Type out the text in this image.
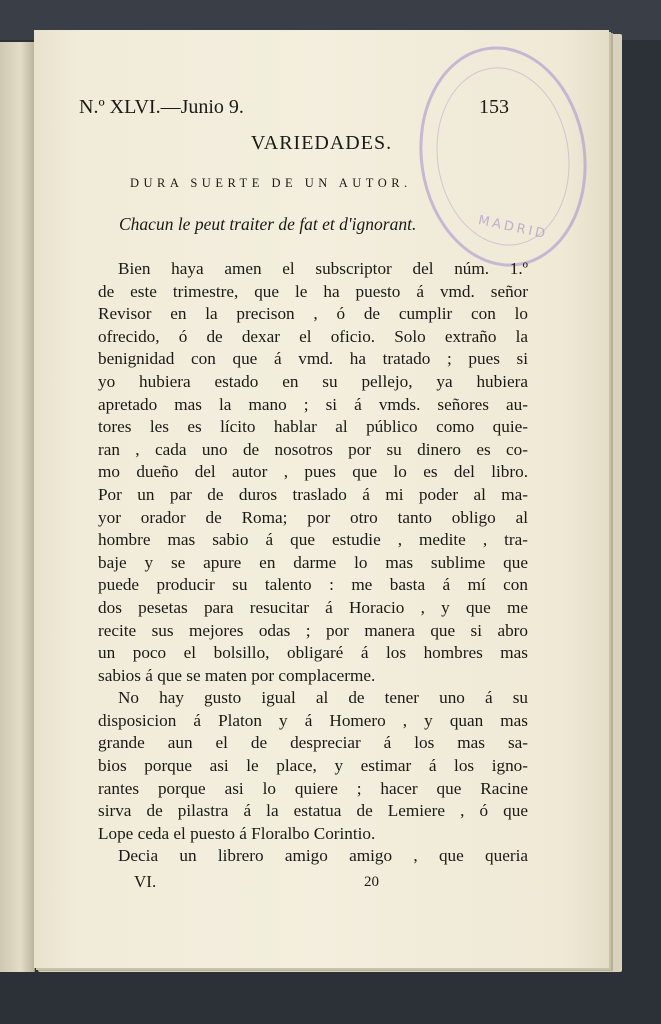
MADRID
N.º XLVI.—Junio 9.	153
VARIEDADES.
DURA SUERTE DE UN AUTOR.
Chacun le peut traiter de fat et d'ignorant.
Bien haya amen el subscriptor del núm. 1.º
de este trimestre, que le ha puesto á vmd. señor
Revisor en la precison , ó de cumplir con lo
ofrecido, ó de dexar el oficio. Solo extraño la
benignidad con que á vmd. ha tratado ; pues si
yo hubiera estado en su pellejo, ya hubiera
apretado mas la mano ; si á vmds. señores au-
tores les es lícito hablar al público como quie-
ran , cada uno de nosotros por su dinero es co-
mo dueño del autor , pues que lo es del libro.
Por un par de duros traslado á mi poder al ma-
yor orador de Roma; por otro tanto obligo al
hombre mas sabio á que estudie , medite , tra-
baje y se apure en darme lo mas sublime que
puede producir su talento : me basta á mí con
dos pesetas para resucitar á Horacio , y que me
recite sus mejores odas ; por manera que si abro
un poco el bolsillo, obligaré á los hombres mas
sabios á que se maten por complacerme.
No hay gusto igual al de tener uno á su
disposicion á Platon y á Homero , y quan mas
grande aun el de despreciar á los mas sa-
bios porque asi le place, y estimar á los igno-
rantes porque asi lo quiere ; hacer que Racine
sirva de pilastra á la estatua de Lemiere , ó que
Lope ceda el puesto á Floralbo Corintio.
Decia un librero amigo amigo , que queria
VI.	20
